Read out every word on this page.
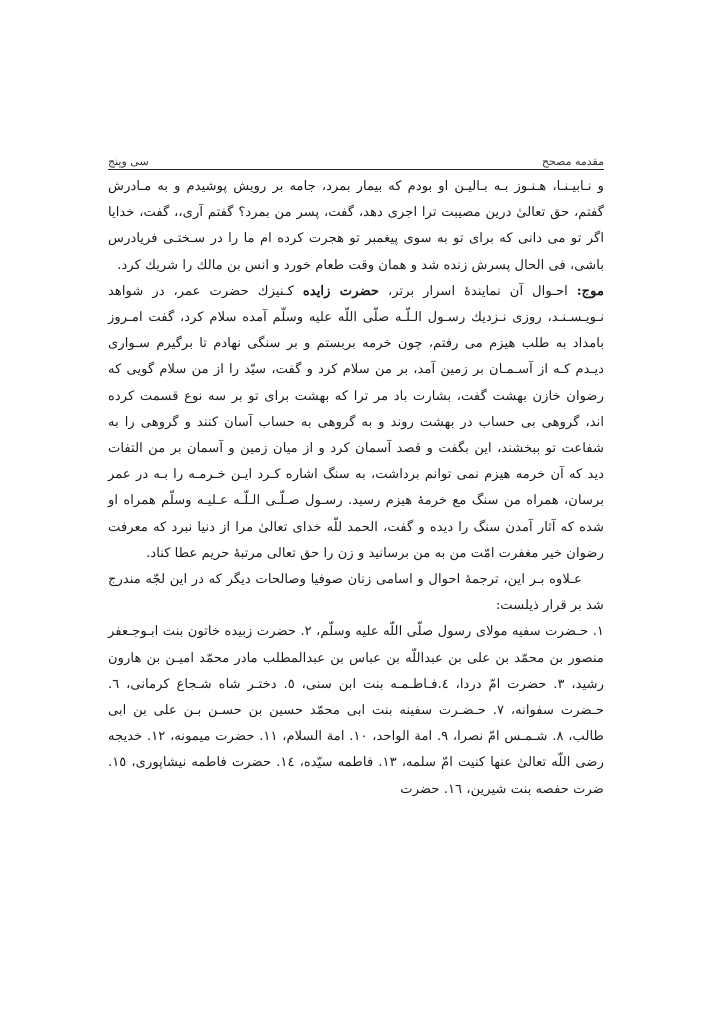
مقدمه مصحح
سی وپنج

و نـابیـنـا، هـنـوز بـه بـالیـن او بودم که بیمار بمرد، جامه بر رویش پوشیدم و به مـادرش گفتم، حق تعالیٰ درین مصیبت ترا اجری دهد، گفت، پسر من بمرد؟ گفتم آری،، گفت، خدایا اگر تو می دانی که برای تو به سوی پیغمبر تو هجرت کرده ام ما را در سـختـی فریادرس باشی، فی الحال پسرش زنده شد و همان وقت طعام خورد و انس بن مالك را شریك کرد.

موج: احـوال آن نمایندۀ اسرار برتر، حضرت زایده کـنیزك حضرت عمر، در شواهد نـویـسـنـد، روزی نـزدیك رسـول الـلّـه صلّی اللّه علیه وسلّم آمده سلام کرد، گفت امـروز بامداد به طلب هیزم می رفتم، چون خرمه بربستم و بر سنگی نهادم تا برگیرم سـواری دیـدم کـه از آسـمـان بر زمین آمد، بر من سلام کرد و گفت، سیّد را از من سلام گویی که رضوان خازن بهشت گفت، بشارت باد مر ترا که بهشت برای تو بر سه نوع قسمت کرده اند، گروهی بی حساب در بهشت روند و به گروهی به حساب آسان کنند و گروهی را به شفاعت تو ببخشند، این بگفت و قصد آسمان کرد و از میان زمین و آسمان بر من التفات دید که آن خرمه هیزم نمی توانم برداشت، به سنگ اشاره کـرد ایـن خـرمـه را بـه در عمر برسان، همراه من سنگ مع خرمۀ هیزم رسید. رسـول صـلّـی الـلّـه عـلیـه وسلّم همراه او شده که آثار آمدن سنگ را دیده و گفت، الحمد للّه خدای تعالیٰ مرا از دنیا نبرد که معرفت رضوان خیر مغفرت امّت من به من برسانید و زن را حق تعالی مرتبۀ حریم عطا کناد.

عـلاوه بـر این، ترجمۀ احوال و اسامی زنان صوفیا وصالحات دیگر که در این لجّه مندرج شد بر قرار ذیلست:

۱. حـضرت سفیه مولای رسول صلّی اللّه علیه وسلّم، ۲. حضرت زبیده خاتون بنت ابـوجـعفر منصور بن محمّد بن علی بن عبداللّه بن عباس بن عبدالمطلب مادر محمّد امیـن بن هارون رشید، ۳. حضرت امّ دردا، ٤.فـاطـمـه بنت ابن سنی، ٥. دختـر شاه شـجاع کرمانی، ٦. حـضرت سفوانه، ۷. حـضـرت سفینه بنت ابی محمّد حسین بن حسـن بـن علی بن ابی طالب، ۸. شـمـس امّ نصرا، ۹. امة الواحد، ۱۰. امة السلام، ۱۱. حضرت میمونه، ۱۲. خدیجه رضی اللّه تعالیٰ عنها کنیت امّ سلمه، ۱۳. فاطمه سیّده، ۱٤. حضرت فاطمه نیشاپوری، ۱٥. ضرت حفصه بنت شیرین، ۱٦. حضرت
